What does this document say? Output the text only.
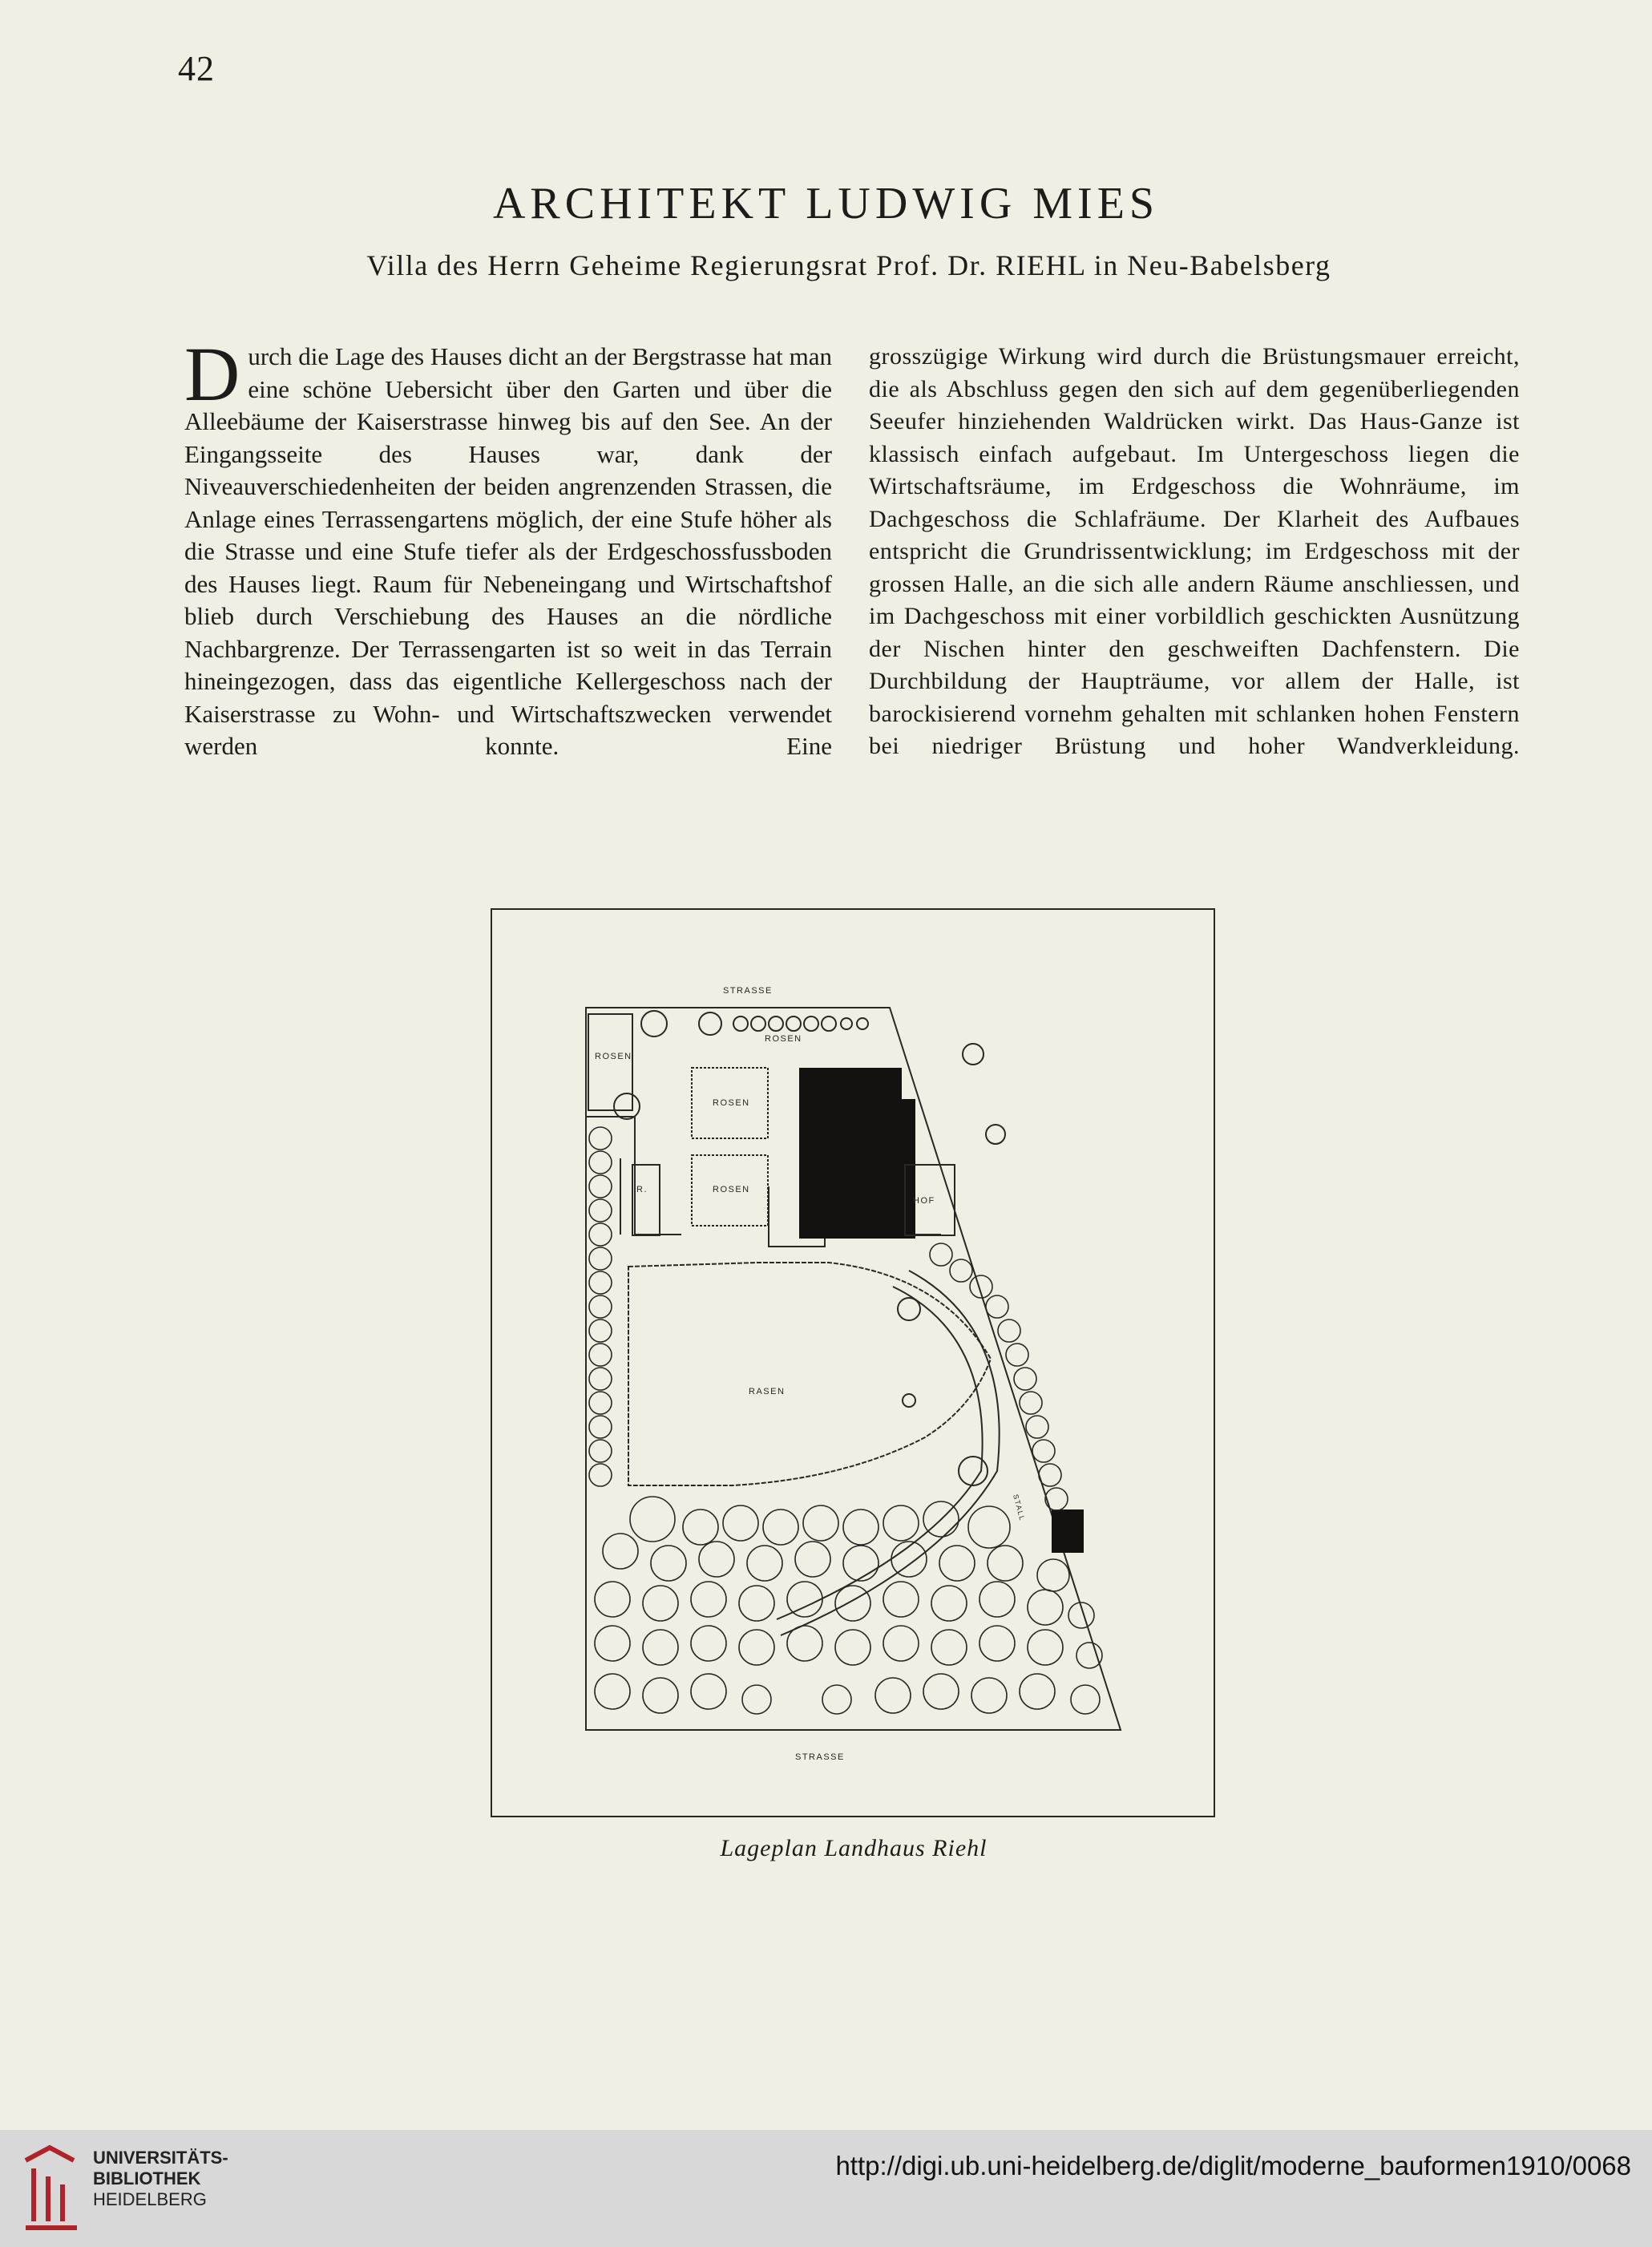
42
ARCHITEKT LUDWIG MIES
Villa des Herrn Geheime Regierungsrat Prof. Dr. RIEHL in Neu-Babelsberg
Durch die Lage des Hauses dicht an der Bergstrasse hat man eine schöne Uebersicht über den Garten und über die Alleebäume der Kaiserstrasse hinweg bis auf den See. An der Eingangsseite des Hauses war, dank der Niveauverschiedenheiten der beiden angrenzenden Strassen, die Anlage eines Terrassengartens möglich, der eine Stufe höher als die Strasse und eine Stufe tiefer als der Erdgeschossfussboden des Hauses liegt. Raum für Nebeneingang und Wirtschaftshof blieb durch Verschiebung des Hauses an die nördliche Nachbargrenze. Der Terrassengarten ist so weit in das Terrain hineingezogen, dass das eigentliche Kellergeschoss nach der Kaiserstrasse zu Wohn- und Wirtschaftszwecken verwendet werden konnte. Eine
grosszügige Wirkung wird durch die Brüstungsmauer erreicht, die als Abschluss gegen den sich auf dem gegenüberliegenden Seeufer hinziehenden Waldrücken wirkt. Das Haus-Ganze ist klassisch einfach aufgebaut. Im Untergeschoss liegen die Wirtschaftsräume, im Erdgeschoss die Wohnräume, im Dachgeschoss die Schlafräume. Der Klarheit des Aufbaues entspricht die Grundrissentwicklung; im Erdgeschoss mit der grossen Halle, an die sich alle andern Räume anschliessen, und im Dachgeschoss mit einer vorbildlich geschickten Ausnützung der Nischen hinter den geschweiften Dachfenstern. Die Durchbildung der Haupträume, vor allem der Halle, ist barockisierend vornehm gehalten mit schlanken hohen Fenstern bei niedriger Brüstung und hoher Wandverkleidung.
STRASSE
ROSEN
ROSEN
ROSEN
ROSEN
R.
HOF
RASEN
STRASSE
STALL
Lageplan Landhaus Riehl
UNIVERSITÄTS-
BIBLIOTHEK
HEIDELBERG
http://digi.ub.uni-heidelberg.de/diglit/moderne_bauformen1910/0068
